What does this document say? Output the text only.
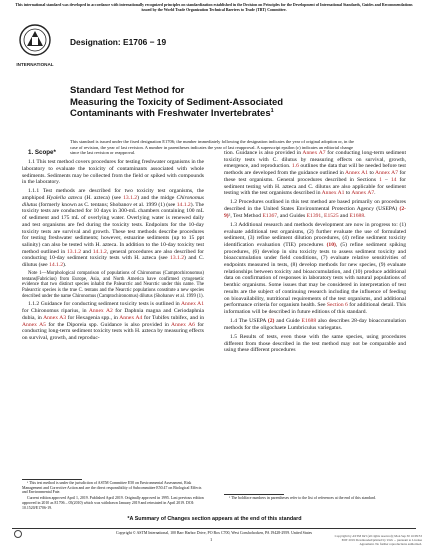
This international standard was developed in accordance with internationally recognized principles on standardization established in the Decision on Principles for the Development of International Standards, Guides and Recommendations issued by the World Trade Organization Technical Barriers to Trade (TBT) Committee.
INTERNATIONAL
Designation: E1706 − 19
Standard Test Method for
Measuring the Toxicity of Sediment-Associated
Contaminants with Freshwater Invertebrates$^1$
This standard is issued under the fixed designation E1706; the number immediately following the designation indicates the year of original adoption or, in the case of revision, the year of last revision. A number in parentheses indicates the year of last reapproval. A superscript epsilon (ε) indicates an editorial change since the last revision or reapproval.

1. Scope*

1.1 This test method covers procedures for testing freshwater organisms in the laboratory to evaluate the toxicity of contaminants associated with whole sediments. Sediments may be collected from the field or spiked with compounds in the laboratory.

1.1.1 Test methods are described for two toxicity test organisms, the amphipod Hyalella azteca (H. azteca) (see 13.1.2) and the midge Chironomus dilutus (formerly known as C. tentans; Shobanov et al. 1999 (1) (see 14.1.2). The toxicity tests are conducted for 10 days in 300-mL chambers containing 100 mL of sediment and 175 mL of overlying water. Overlying water is renewed daily and test organisms are fed during the toxicity tests. Endpoints for the 10-day toxicity tests are survival and growth. These test methods describe procedures for testing freshwater sediments; however, estuarine sediments (up to 15 ppt salinity) can also be tested with H. azteca. In addition to the 10-day toxicity test method outlined in 13.1.2 and 14.1.2, general procedures are also described for conducting 10-day sediment toxicity tests with H. azteca (see 13.1.2) and C. dilutus (see 14.1.2).

Note 1—Morphological comparison of populations of Chironomus (Camptochironomus) tentans(Fabricius) from Europe, Asia, and North America have confirmed cytogenetic evidence that two distinct species inhabit the Palearctic and Nearctic under this name. The Palearctic species is the true C. tentans and the Nearctic populations constitute a new species described under the name Chironomus (Camptochironomus) dilutus (Shobanov et al. 1999 (1).

1.1.2 Guidance for conducting sediment toxicity tests is outlined in Annex A1 for Chironomus riparius, in Annex A2 for Daphnia magna and Ceriodaphnia dubia, in Annex A3 for Hexagenia spp., in Annex A4 for Tubifex tubifex, and in Annex A5 for the Diporeia spp. Guidance is also provided in Annex A6 for conducting long-term sediment toxicity tests with H. azteca by measuring effects on survival, growth, and reproduc-

tion. Guidance is also provided in Annex A7 for conducting long-term sediment toxicity tests with C. dilutus by measuring effects on survival, growth, emergence, and reproduction. 1.6 outlines the data that will be needed before test methods are developed from the guidance outlined in Annex A1 to Annex A7 for these test organisms. General procedures described in Sections 1 – 14 for sediment testing with H. azteca and C. dilutus are also applicable for sediment testing with the test organisms described in Annex A1 to Annex A7.

1.2 Procedures outlined in this test method are based primarily on procedures described in the United States Environmental Protection Agency (USEPA) (2-9)², Test Method E1367, and Guides E1391, E1525 and E1688.

1.3 Additional research and methods development are now in progress to: (1) evaluate additional test organisms, (2) further evaluate the use of formulated sediment, (3) refine sediment dilution procedures, (4) refine sediment toxicity identification evaluation (TIE) procedures (10), (5) refine sediment spiking procedures, (6) develop in situ toxicity tests to assess sediment toxicity and bioaccumulation under field conditions, (7) evaluate relative sensitivities of endpoints measured in tests, (8) develop methods for new species, (9) evaluate relationships between toxicity and bioaccumulation, and (10) produce additional data on confirmation of responses in laboratory tests with natural populations of benthic organisms. Some issues that may be considered in interpretation of test results are the subject of continuing research including the influence of feeding on bioavailability, nutritional requirements of the test organisms, and additional performance criteria for organism health. See Section 6 for additional detail. This information will be described in future editions of this standard.

1.4 The USEPA (2) and Guide E1688 also describes 28-day bioaccumulation methods for the oligochaete Lumbriculus variegatus.

1.5 Results of tests, even those with the same species, using procedures different from those described in the test method may not be comparable and using these different procedures

¹ This test method is under the jurisdiction of ASTM Committee E50 on Environmental Assessment, Risk Management and Corrective Action and are the direct responsibility of Subcommittee E50.47 on Biological Effects and Environmental Fate.

Current edition approved April 1, 2019. Published April 2019. Originally approved in 1995. Last previous edition approved in 2010 as E1706 – 05(2010) which was withdrawn January 2019 and reinstated in April 2019. DOI: 10.1520/E1706-19.

² The boldface numbers in parentheses refer to the list of references at the end of this standard.

*A Summary of Changes section appears at the end of this standard
Copyright © ASTM International, 100 Barr Harbor Drive, PO Box C700, West Conshohocken, PA 19428-2959. United States
1
Copyright by ASTM Int'l (all rights reserved); Mon Sep 30 16:09:53 EDT 2019 Downloaded/printed by Univ ... pursuant to License Agreement. No further reproductions authorized.
